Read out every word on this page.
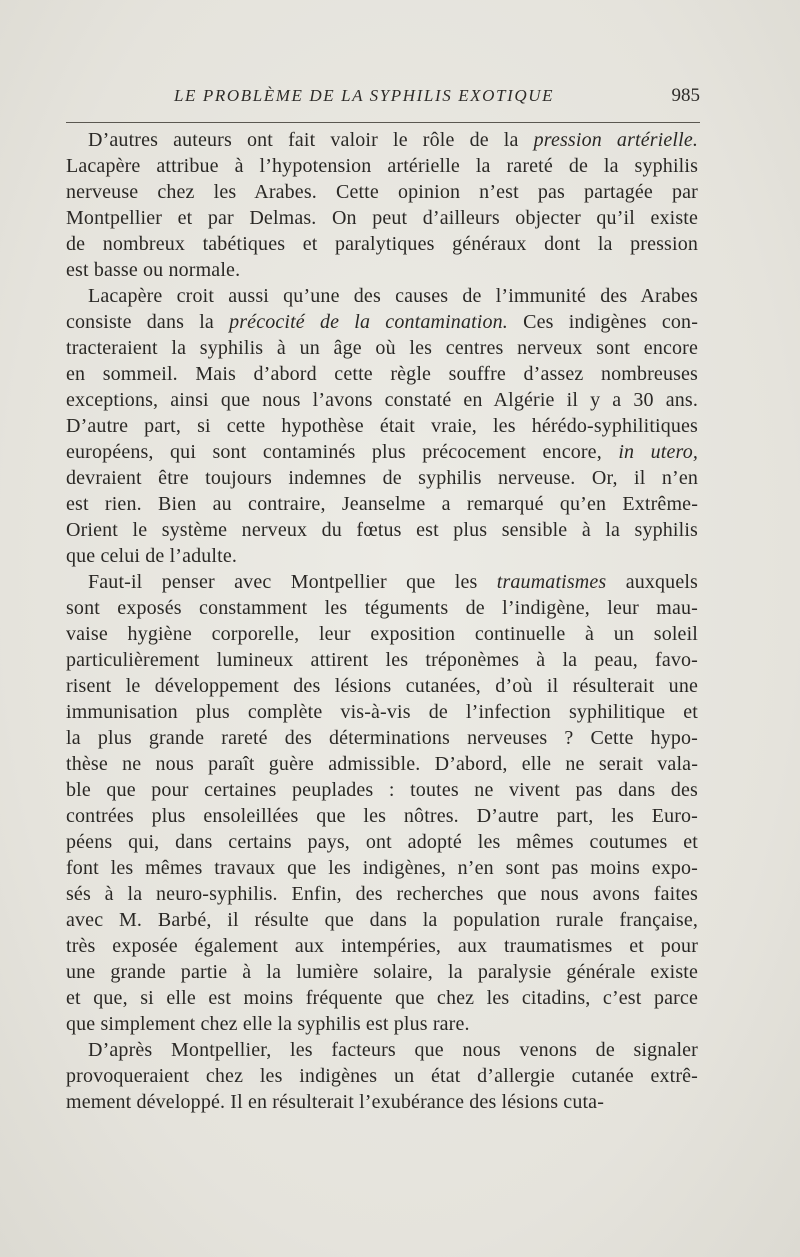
LE PROBLÈME DE LA SYPHILIS EXOTIQUE	985
D’autres auteurs ont fait valoir le rôle de la pression artérielle.
Lacapère attribue à l’hypotension artérielle la rareté de la syphilis
nerveuse chez les Arabes. Cette opinion n’est pas partagée par
Montpellier et par Delmas. On peut d’ailleurs objecter qu’il existe
de nombreux tabétiques et paralytiques généraux dont la pression
est basse ou normale.
Lacapère croit aussi qu’une des causes de l’immunité des Arabes
consiste dans la précocité de la contamination. Ces indigènes con-
tracteraient la syphilis à un âge où les centres nerveux sont encore
en sommeil. Mais d’abord cette règle souffre d’assez nombreuses
exceptions, ainsi que nous l’avons constaté en Algérie il y a 30 ans.
D’autre part, si cette hypothèse était vraie, les hérédo-syphilitiques
européens, qui sont contaminés plus précocement encore, in utero,
devraient être toujours indemnes de syphilis nerveuse. Or, il n’en
est rien. Bien au contraire, Jeanselme a remarqué qu’en Extrême-
Orient le système nerveux du fœtus est plus sensible à la syphilis
que celui de l’adulte.
Faut-il penser avec Montpellier que les traumatismes auxquels
sont exposés constamment les téguments de l’indigène, leur mau-
vaise hygiène corporelle, leur exposition continuelle à un soleil
particulièrement lumineux attirent les tréponèmes à la peau, favo-
risent le développement des lésions cutanées, d’où il résulterait une
immunisation plus complète vis-à-vis de l’infection syphilitique et
la plus grande rareté des déterminations nerveuses ? Cette hypo-
thèse ne nous paraît guère admissible. D’abord, elle ne serait vala-
ble que pour certaines peuplades : toutes ne vivent pas dans des
contrées plus ensoleillées que les nôtres. D’autre part, les Euro-
péens qui, dans certains pays, ont adopté les mêmes coutumes et
font les mêmes travaux que les indigènes, n’en sont pas moins expo-
sés à la neuro-syphilis. Enfin, des recherches que nous avons faites
avec M. Barbé, il résulte que dans la population rurale française,
très exposée également aux intempéries, aux traumatismes et pour
une grande partie à la lumière solaire, la paralysie générale existe
et que, si elle est moins fréquente que chez les citadins, c’est parce
que simplement chez elle la syphilis est plus rare.
D’après Montpellier, les facteurs que nous venons de signaler
provoqueraient chez les indigènes un état d’allergie cutanée extrê-
mement développé. Il en résulterait l’exubérance des lésions cuta-
